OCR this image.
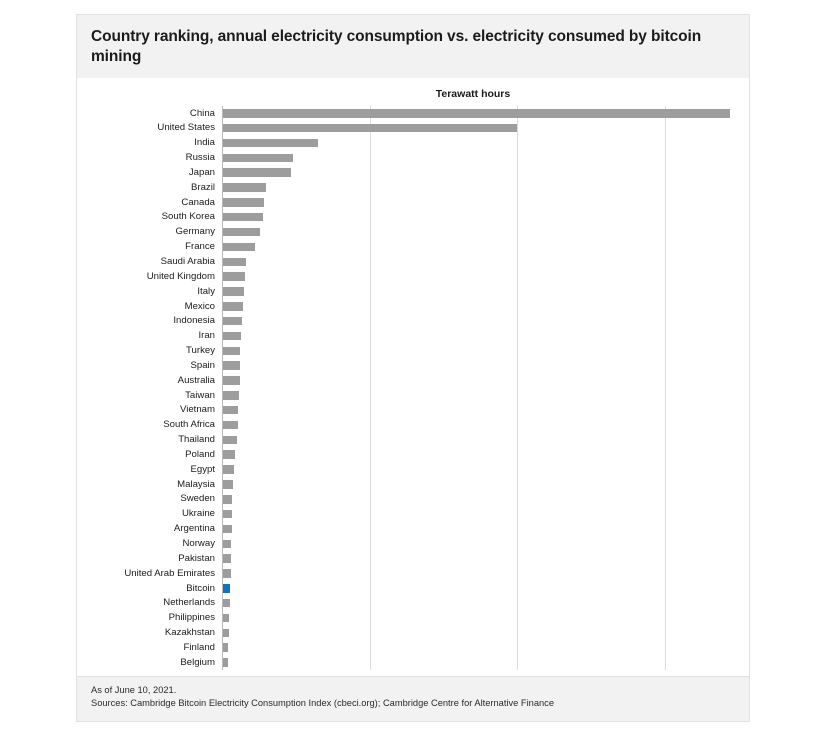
Country ranking, annual electricity consumption vs. electricity consumed by bitcoin mining
Terawatt hours
China
United States
India
Russia
Japan
Brazil
Canada
South Korea
Germany
France
Saudi Arabia
United Kingdom
Italy
Mexico
Indonesia
Iran
Turkey
Spain
Australia
Taiwan
Vietnam
South Africa
Thailand
Poland
Egypt
Malaysia
Sweden
Ukraine
Argentina
Norway
Pakistan
United Arab Emirates
Bitcoin
Netherlands
Philippines
Kazakhstan
Finland
Belgium
As of June 10, 2021.
Sources: Cambridge Bitcoin Electricity Consumption Index (cbeci.org); Cambridge Centre for Alternative Finance
